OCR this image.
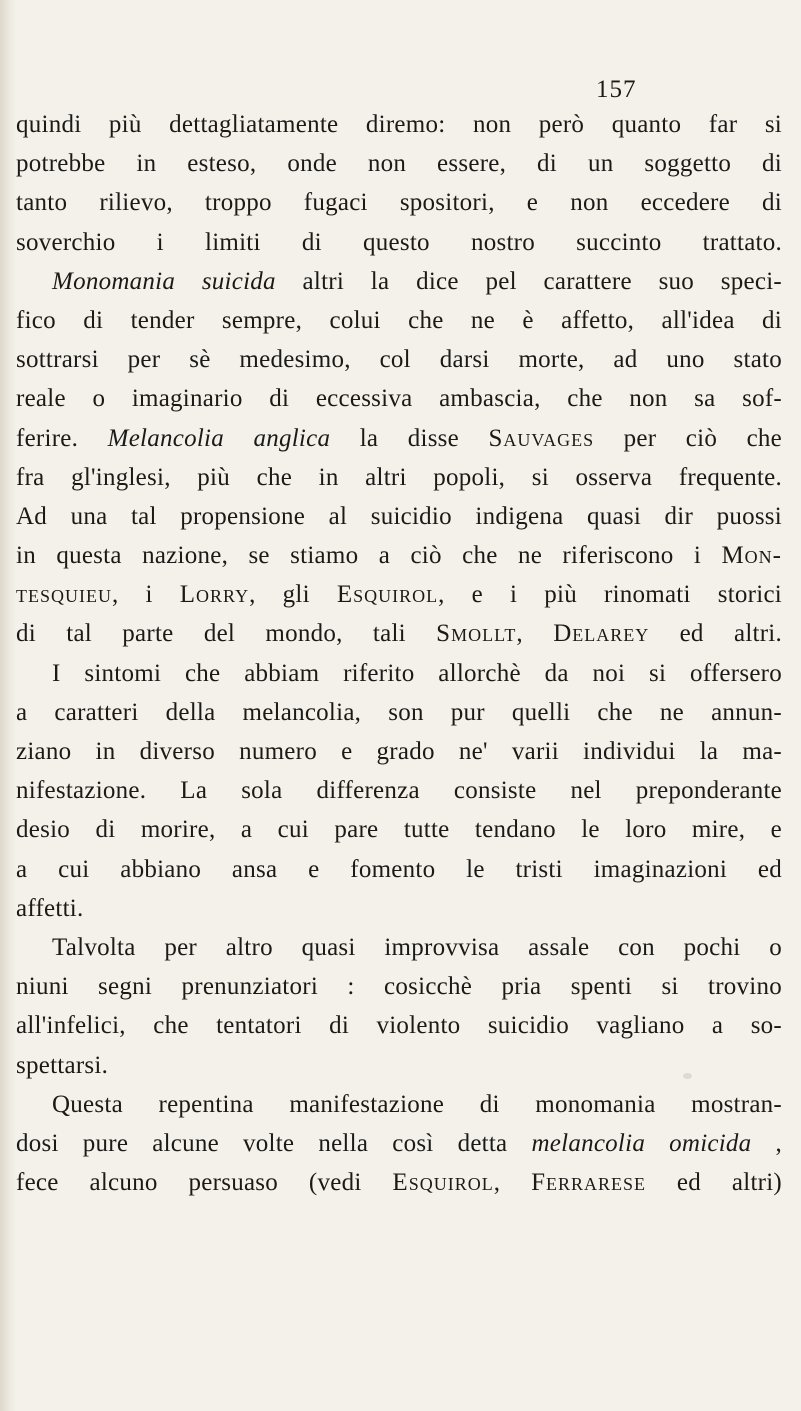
157
quindi più dettagliatamente diremo: non però quanto far si
potrebbe in esteso, onde non essere, di un soggetto di
tanto rilievo, troppo fugaci spositori, e non eccedere di
soverchio i limiti di questo nostro succinto trattato.
Monomania suicida altri la dice pel carattere suo speci-
fico di tender sempre, colui che ne è affetto, all'idea di
sottrarsi per sè medesimo, col darsi morte, ad uno stato
reale o imaginario di eccessiva ambascia, che non sa sof-
ferire. Melancolia anglica la disse Sauvages per ciò che
fra gl'inglesi, più che in altri popoli, si osserva frequente.
Ad una tal propensione al suicidio indigena quasi dir puossi
in questa nazione, se stiamo a ciò che ne riferiscono i Mon-
tesquieu, i Lorry, gli Esquirol, e i più rinomati storici
di tal parte del mondo, tali Smollt, Delarey ed altri.
I sintomi che abbiam riferito allorchè da noi si offersero
a caratteri della melancolia, son pur quelli che ne annun-
ziano in diverso numero e grado ne' varii individui la ma-
nifestazione. La sola differenza consiste nel preponderante
desio di morire, a cui pare tutte tendano le loro mire, e
a cui abbiano ansa e fomento le tristi imaginazioni ed
affetti.
Talvolta per altro quasi improvvisa assale con pochi o
niuni segni prenunziatori : cosicchè pria spenti si trovino
all'infelici, che tentatori di violento suicidio vagliano a so-
spettarsi.
Questa repentina manifestazione di monomania mostran-
dosi pure alcune volte nella così detta melancolia omicida ,
fece alcuno persuaso (vedi Esquirol, Ferrarese ed altri)
